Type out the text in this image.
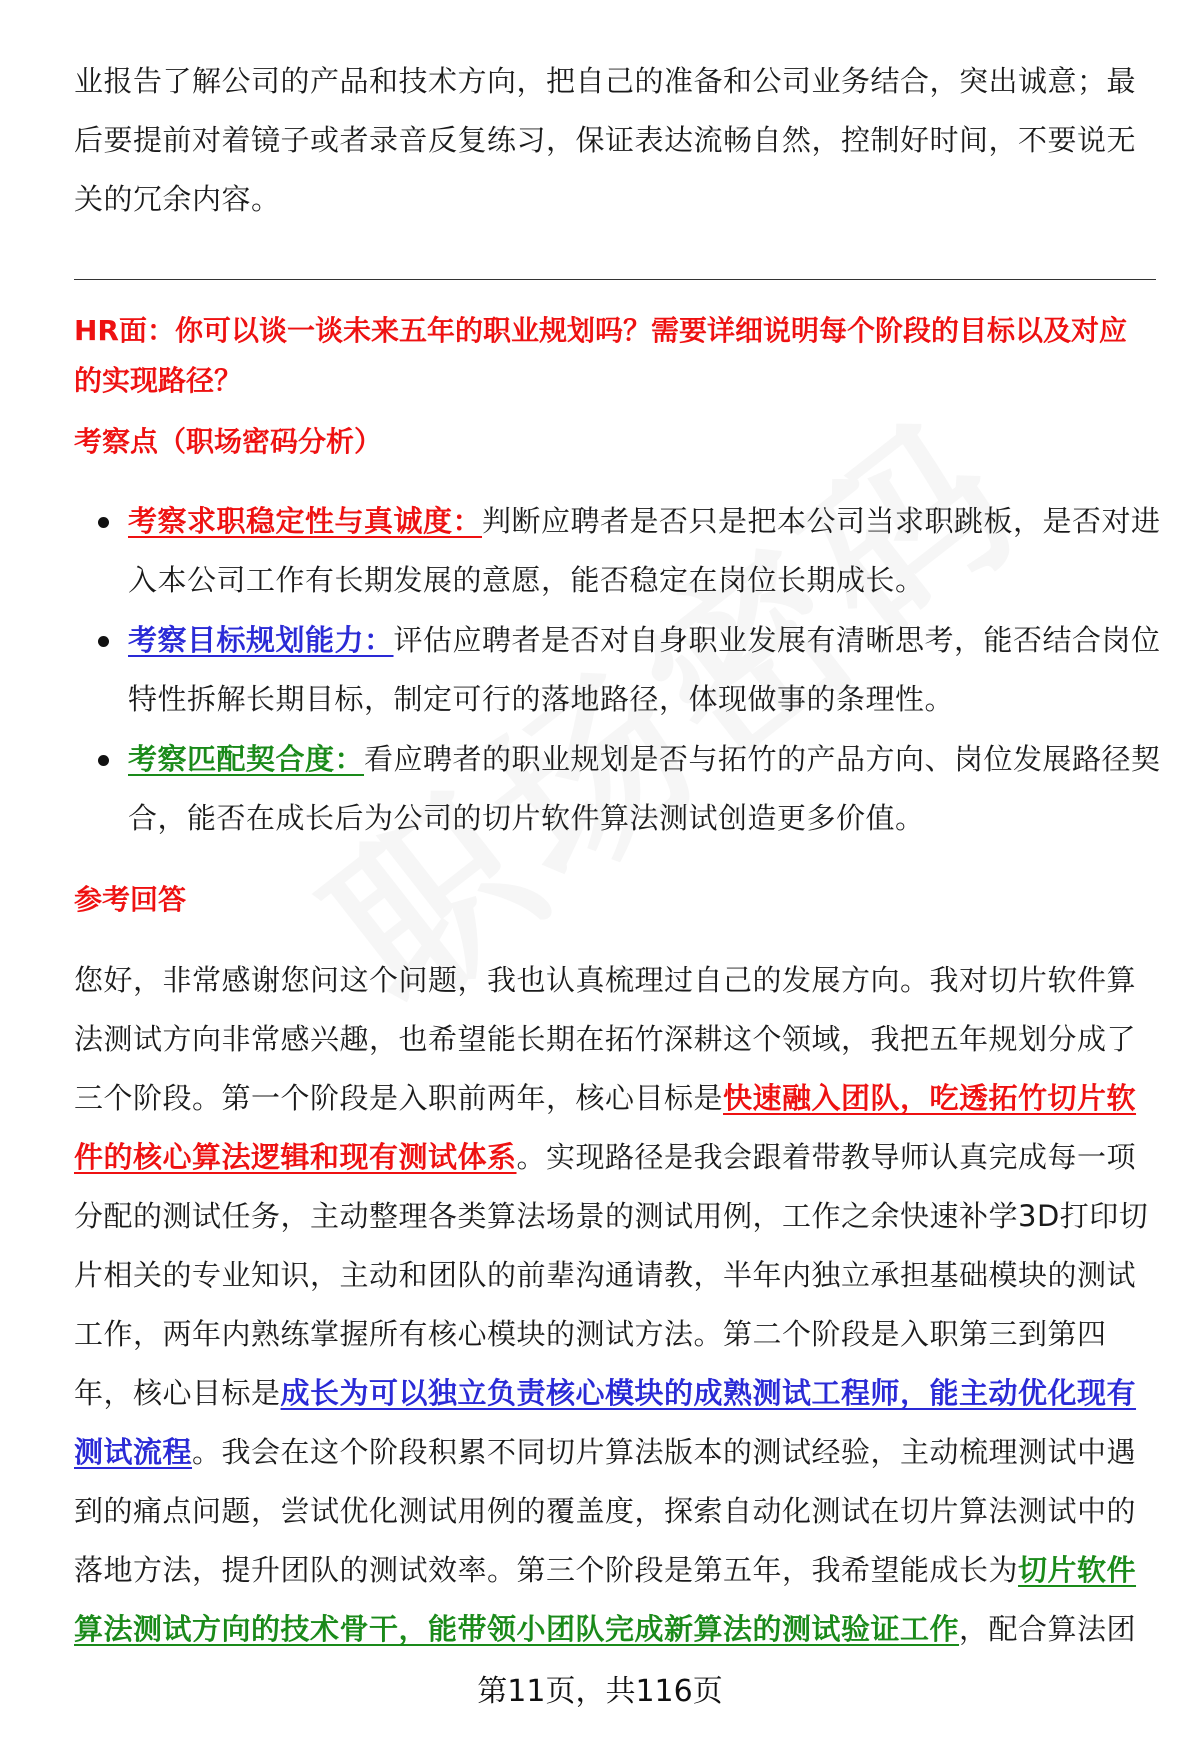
业报告了解公司的产品和技术方向，把自己的准备和公司业务结合，突出诚意；最后要提前对着镜子或者录音反复练习，保证表达流畅自然，控制好时间，不要说无关的冗余内容。
HR面：你可以谈一谈未来五年的职业规划吗？需要详细说明每个阶段的目标以及对应的实现路径？
考察点（职场密码分析）
考察求职稳定性与真诚度：判断应聘者是否只是把本公司当求职跳板，是否对进入本公司工作有长期发展的意愿，能否稳定在岗位长期成长。
考察目标规划能力：评估应聘者是否对自身职业发展有清晰思考，能否结合岗位特性拆解长期目标，制定可行的落地路径，体现做事的条理性。
考察匹配契合度：看应聘者的职业规划是否与拓竹的产品方向、岗位发展路径契合，能否在成长后为公司的切片软件算法测试创造更多价值。
参考回答
您好，非常感谢您问这个问题，我也认真梳理过自己的发展方向。我对切片软件算法测试方向非常感兴趣，也希望能长期在拓竹深耕这个领域，我把五年规划分成了三个阶段。第一个阶段是入职前两年，核心目标是快速融入团队，吃透拓竹切片软件的核心算法逻辑和现有测试体系。实现路径是我会跟着带教导师认真完成每一项分配的测试任务，主动整理各类算法场景的测试用例，工作之余快速补学3D打印切片相关的专业知识，主动和团队的前辈沟通请教，半年内独立承担基础模块的测试工作，两年内熟练掌握所有核心模块的测试方法。第二个阶段是入职第三到第四年，核心目标是成长为可以独立负责核心模块的成熟测试工程师，能主动优化现有测试流程。我会在这个阶段积累不同切片算法版本的测试经验，主动梳理测试中遇到的痛点问题，尝试优化测试用例的覆盖度，探索自动化测试在切片算法测试中的落地方法，提升团队的测试效率。第三个阶段是第五年，我希望能成长为切片软件算法测试方向的技术骨干，能带领小团队完成新算法的测试验证工作，配合算法团
第11页，共116页
